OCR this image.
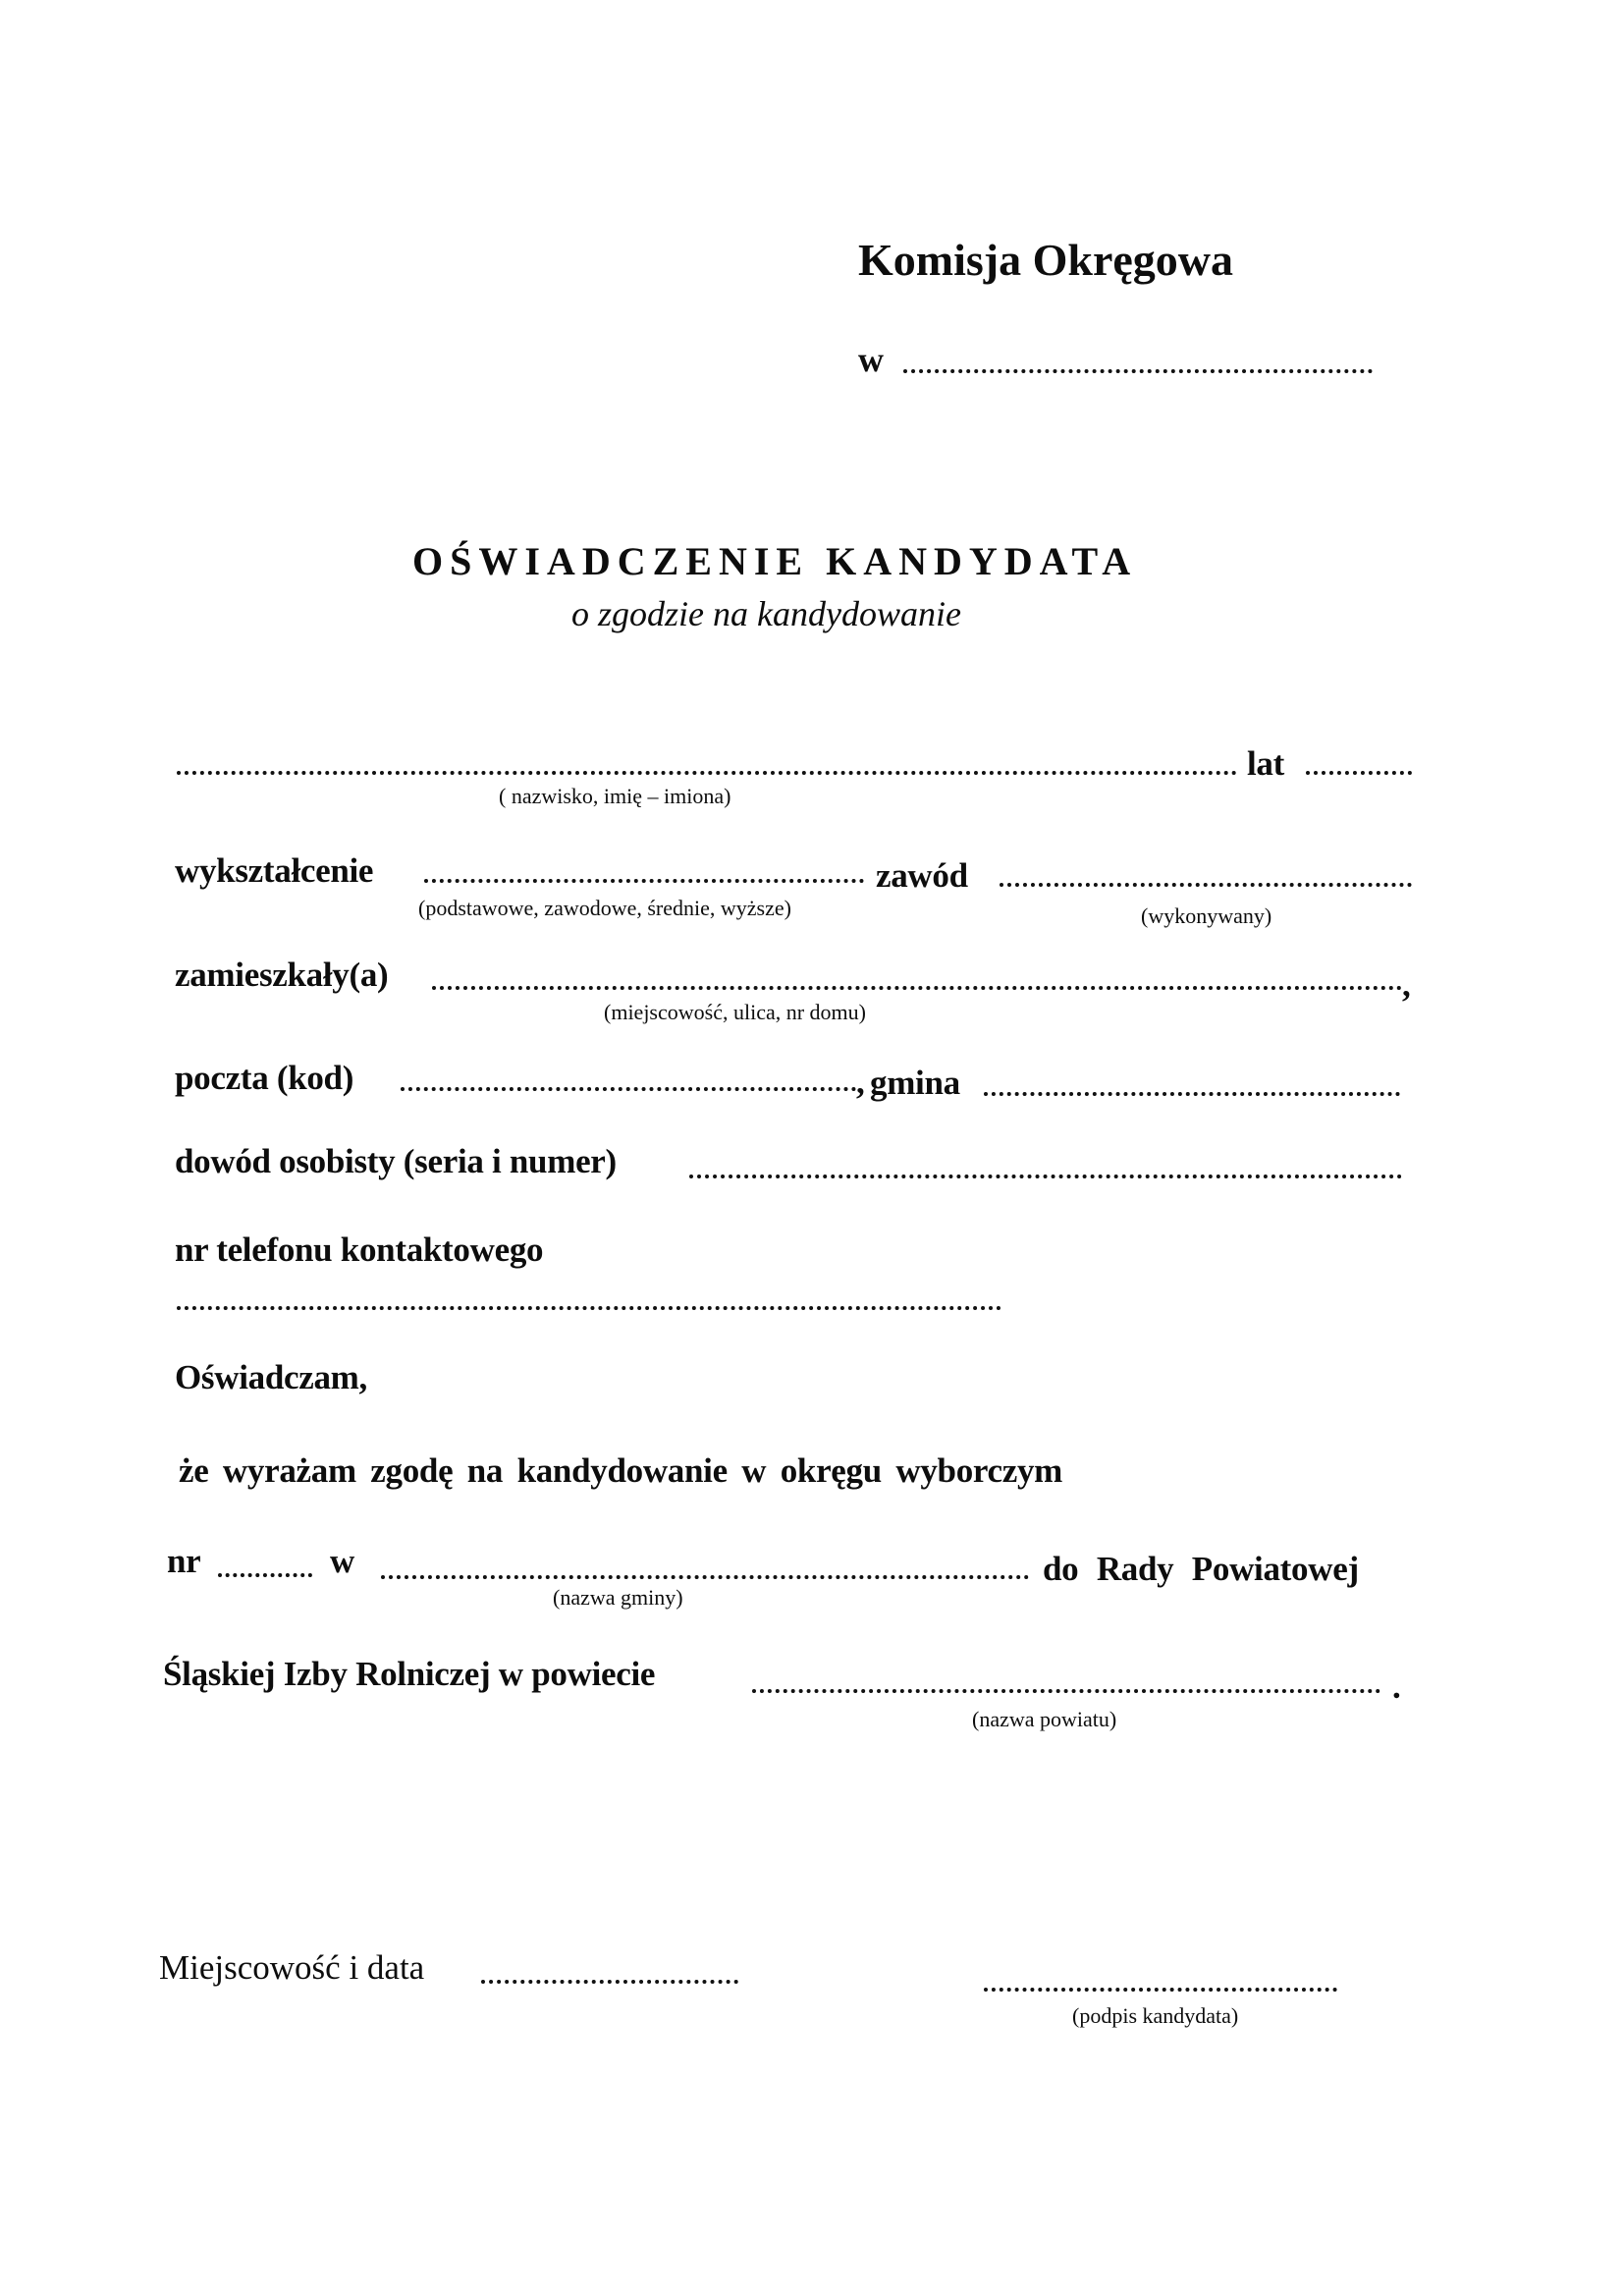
Komisja Okręgowa
w
OŚWIADCZENIE KANDYDATA
o zgodzie na kandydowanie
lat
( nazwisko, imię – imiona)
wykształcenie	zawód
(podstawowe, zawodowe, średnie, wyższe)	(wykonywany)
zamieszkały(a)	,
(miejscowość, ulica, nr domu)
poczta (kod)	, gmina
dowód osobisty (seria i numer)
nr telefonu kontaktowego
Oświadczam,
że wyrażam zgodę na kandydowanie w okręgu wyborczym
nr	w	do Rady Powiatowej
(nazwa gminy)
Śląskiej Izby Rolniczej w powiecie	.
(nazwa powiatu)
Miejscowość i data
(podpis kandydata)
